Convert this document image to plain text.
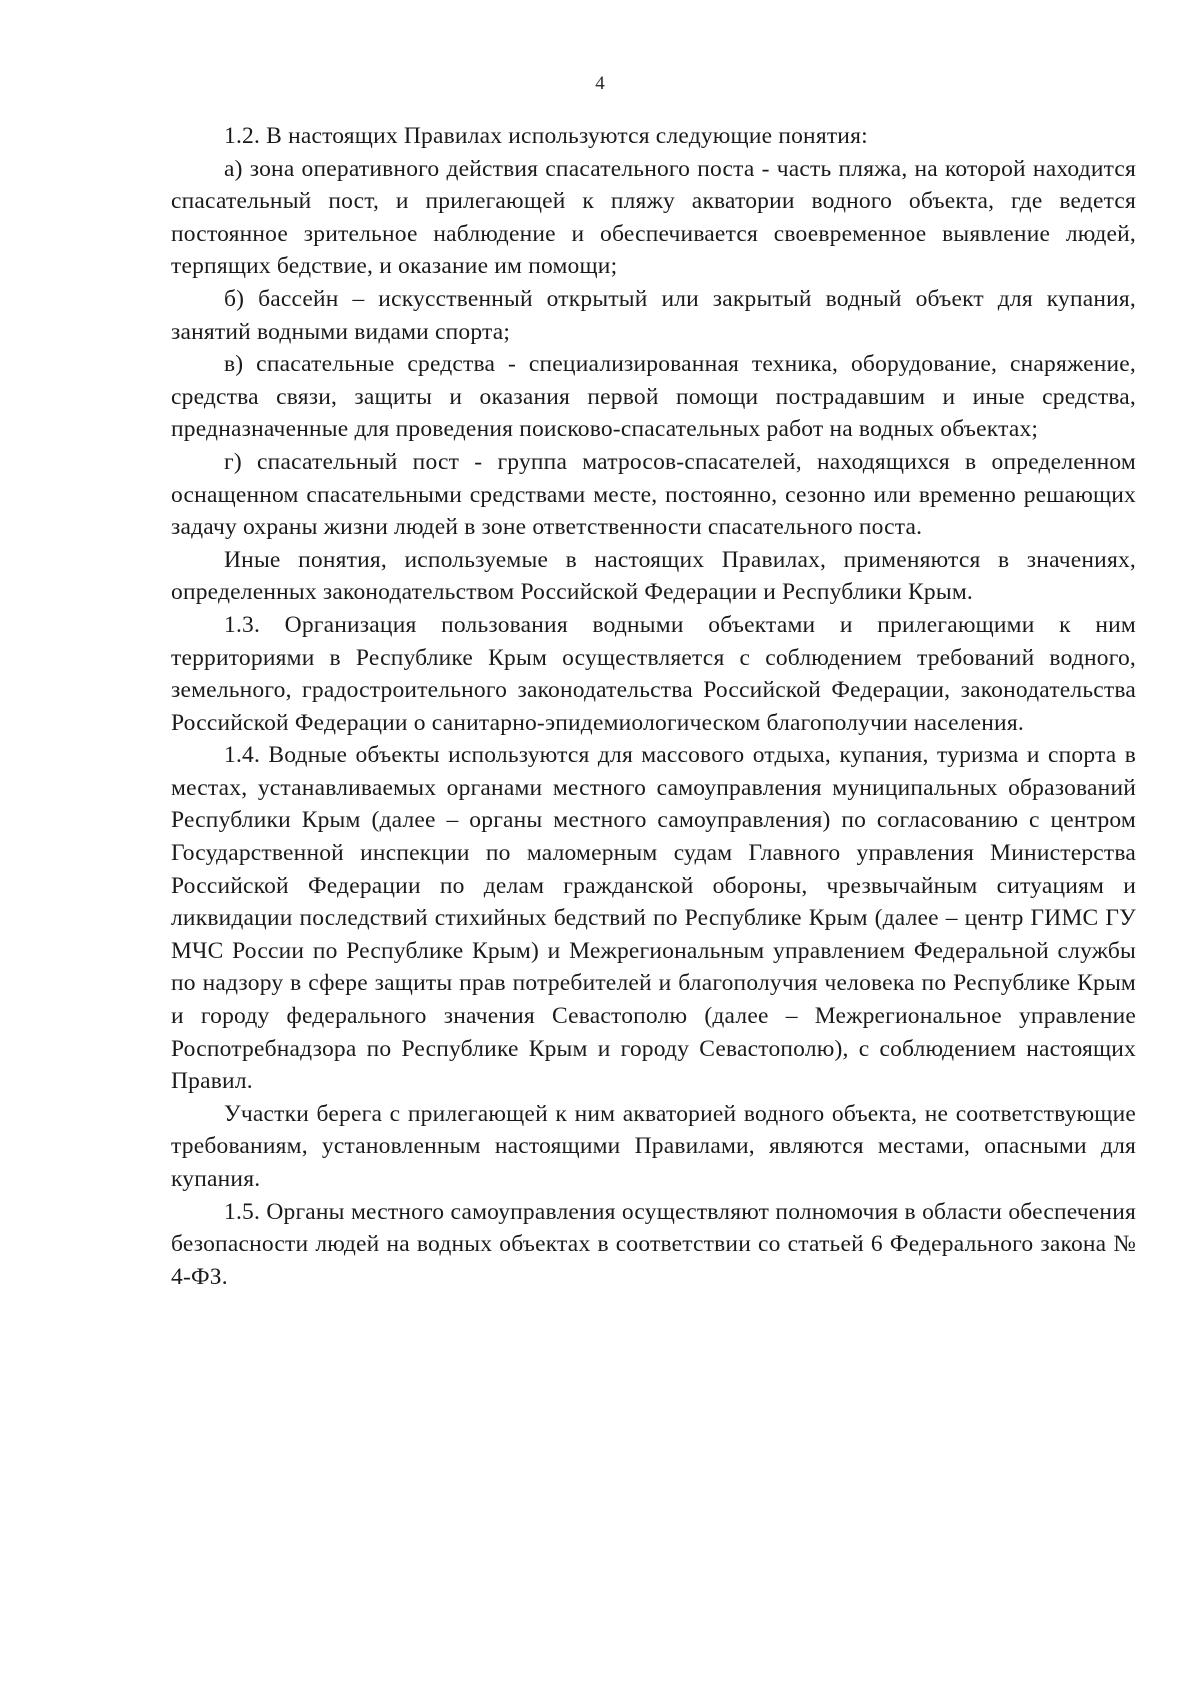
4

1.2. В настоящих Правилах используются следующие понятия:

а) зона оперативного действия спасательного поста - часть пляжа, на которой находится спасательный пост, и прилегающей к пляжу акватории водного объекта, где ведется постоянное зрительное наблюдение и обеспечивается своевременное выявление людей, терпящих бедствие, и оказание им помощи;

б) бассейн – искусственный открытый или закрытый водный объект для купания, занятий водными видами спорта;

в) спасательные средства - специализированная техника, оборудование, снаряжение, средства связи, защиты и оказания первой помощи пострадавшим и иные средства, предназначенные для проведения поисково-спасательных работ на водных объектах;

г) спасательный пост - группа матросов-спасателей, находящихся в определенном оснащенном спасательными средствами месте, постоянно, сезонно или временно решающих задачу охраны жизни людей в зоне ответственности спасательного поста.

Иные понятия, используемые в настоящих Правилах, применяются в значениях, определенных законодательством Российской Федерации и Республики Крым.

1.3. Организация пользования водными объектами и прилегающими к ним территориями в Республике Крым осуществляется с соблюдением требований водного, земельного, градостроительного законодательства Российской Федерации, законодательства Российской Федерации о санитарно-эпидемиологическом благополучии населения.

1.4. Водные объекты используются для массового отдыха, купания, туризма и спорта в местах, устанавливаемых органами местного самоуправления муниципальных образований Республики Крым (далее – органы местного самоуправления) по согласованию с центром Государственной инспекции по маломерным судам Главного управления Министерства Российской Федерации по делам гражданской обороны, чрезвычайным ситуациям и ликвидации последствий стихийных бедствий по Республике Крым (далее – центр ГИМС ГУ МЧС России по Республике Крым) и Межрегиональным управлением Федеральной службы по надзору в сфере защиты прав потребителей и благополучия человека по Республике Крым и городу федерального значения Севастополю (далее – Межрегиональное управление Роспотребнадзора по Республике Крым и городу Севастополю), с соблюдением настоящих Правил.

Участки берега с прилегающей к ним акваторией водного объекта, не соответствующие требованиям, установленным настоящими Правилами, являются местами, опасными для купания.

1.5. Органы местного самоуправления осуществляют полномочия в области обеспечения безопасности людей на водных объектах в соответствии со статьей 6 Федерального закона № 4-ФЗ.
